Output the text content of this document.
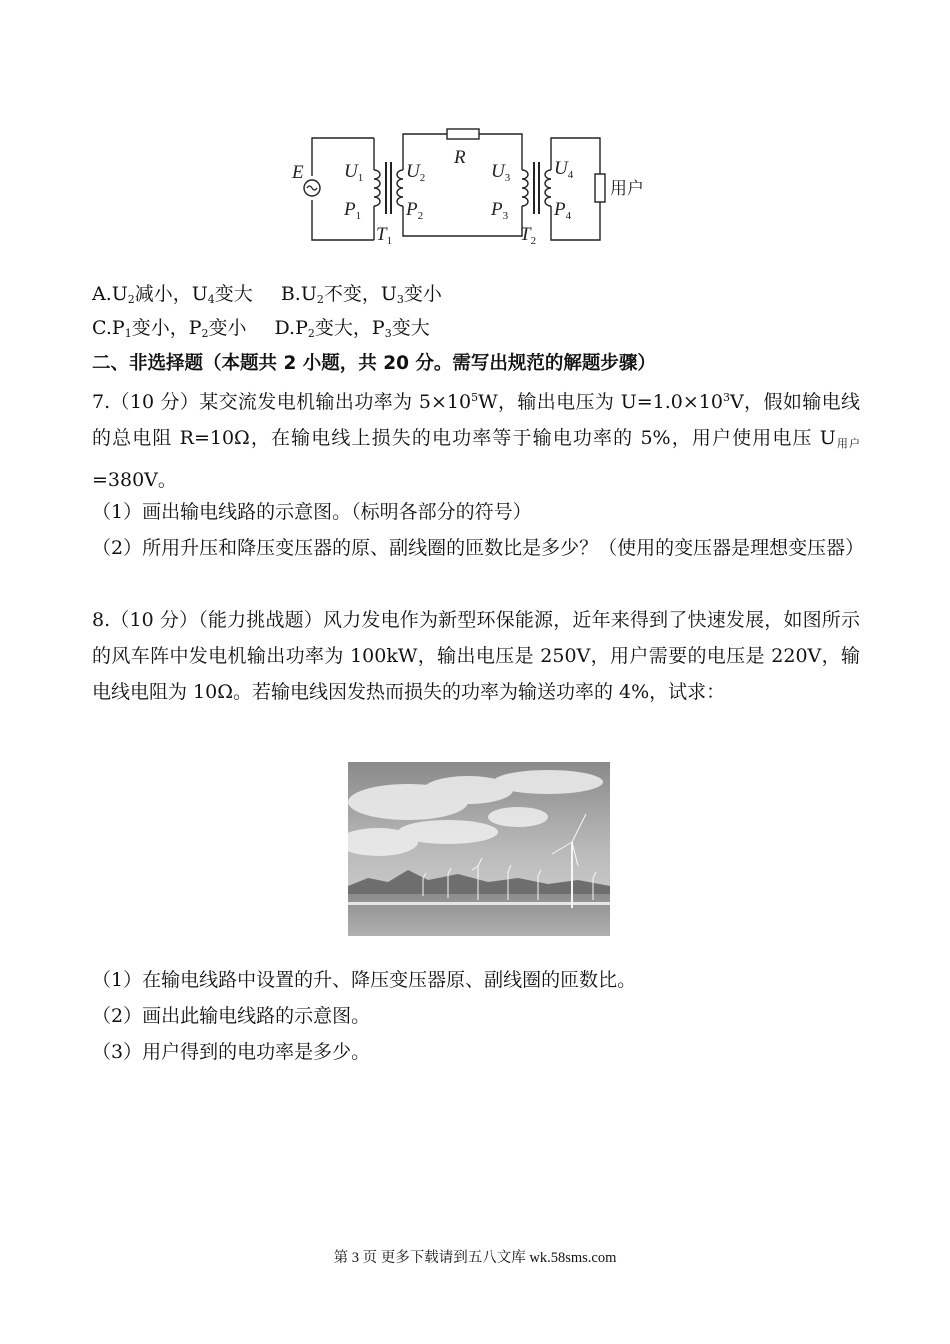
E
R
$U_1$
$P_1$
$U_2$
$P_2$
$U_3$
$P_3$
$U_4$
$P_4$
$T_1$	$T_2$
用户
$A.U_2$减小，$U_4$变大 $B.U_2$不变，$U_3$变小
$C.P_1$变小，$P_2$变小 $D.P_2$变大，$P_3$变大
二、非选择题（本题共 2 小题，共 20 分。需写出规范的解题步骤）
7.（10 分）某交流发电机输出功率为 $5\times 10^5W$，输出电压为 $U=1.0\times 10^3V$，假如输电线的总电阻 R=10Ω，在输电线上损失的电功率等于输电功率的 5%，用户使用电压 $U_{用户}=380V$。
（1）画出输电线路的示意图。（标明各部分的符号）
（2）所用升压和降压变压器的原、副线圈的匝数比是多少？（使用的变压器是理想变压器）
8.（10 分）（能力挑战题）风力发电作为新型环保能源，近年来得到了快速发展，如图所示的风车阵中发电机输出功率为 100kW，输出电压是 250V，用户需要的电压是 220V，输电线电阻为 10Ω。若输电线因发热而损失的功率为输送功率的 4%，试求：
（1）在输电线路中设置的升、降压变压器原、副线圈的匝数比。
（2）画出此输电线路的示意图。
（3）用户得到的电功率是多少。
第 3 页 更多下载请到五八文库 wk.58sms.com
